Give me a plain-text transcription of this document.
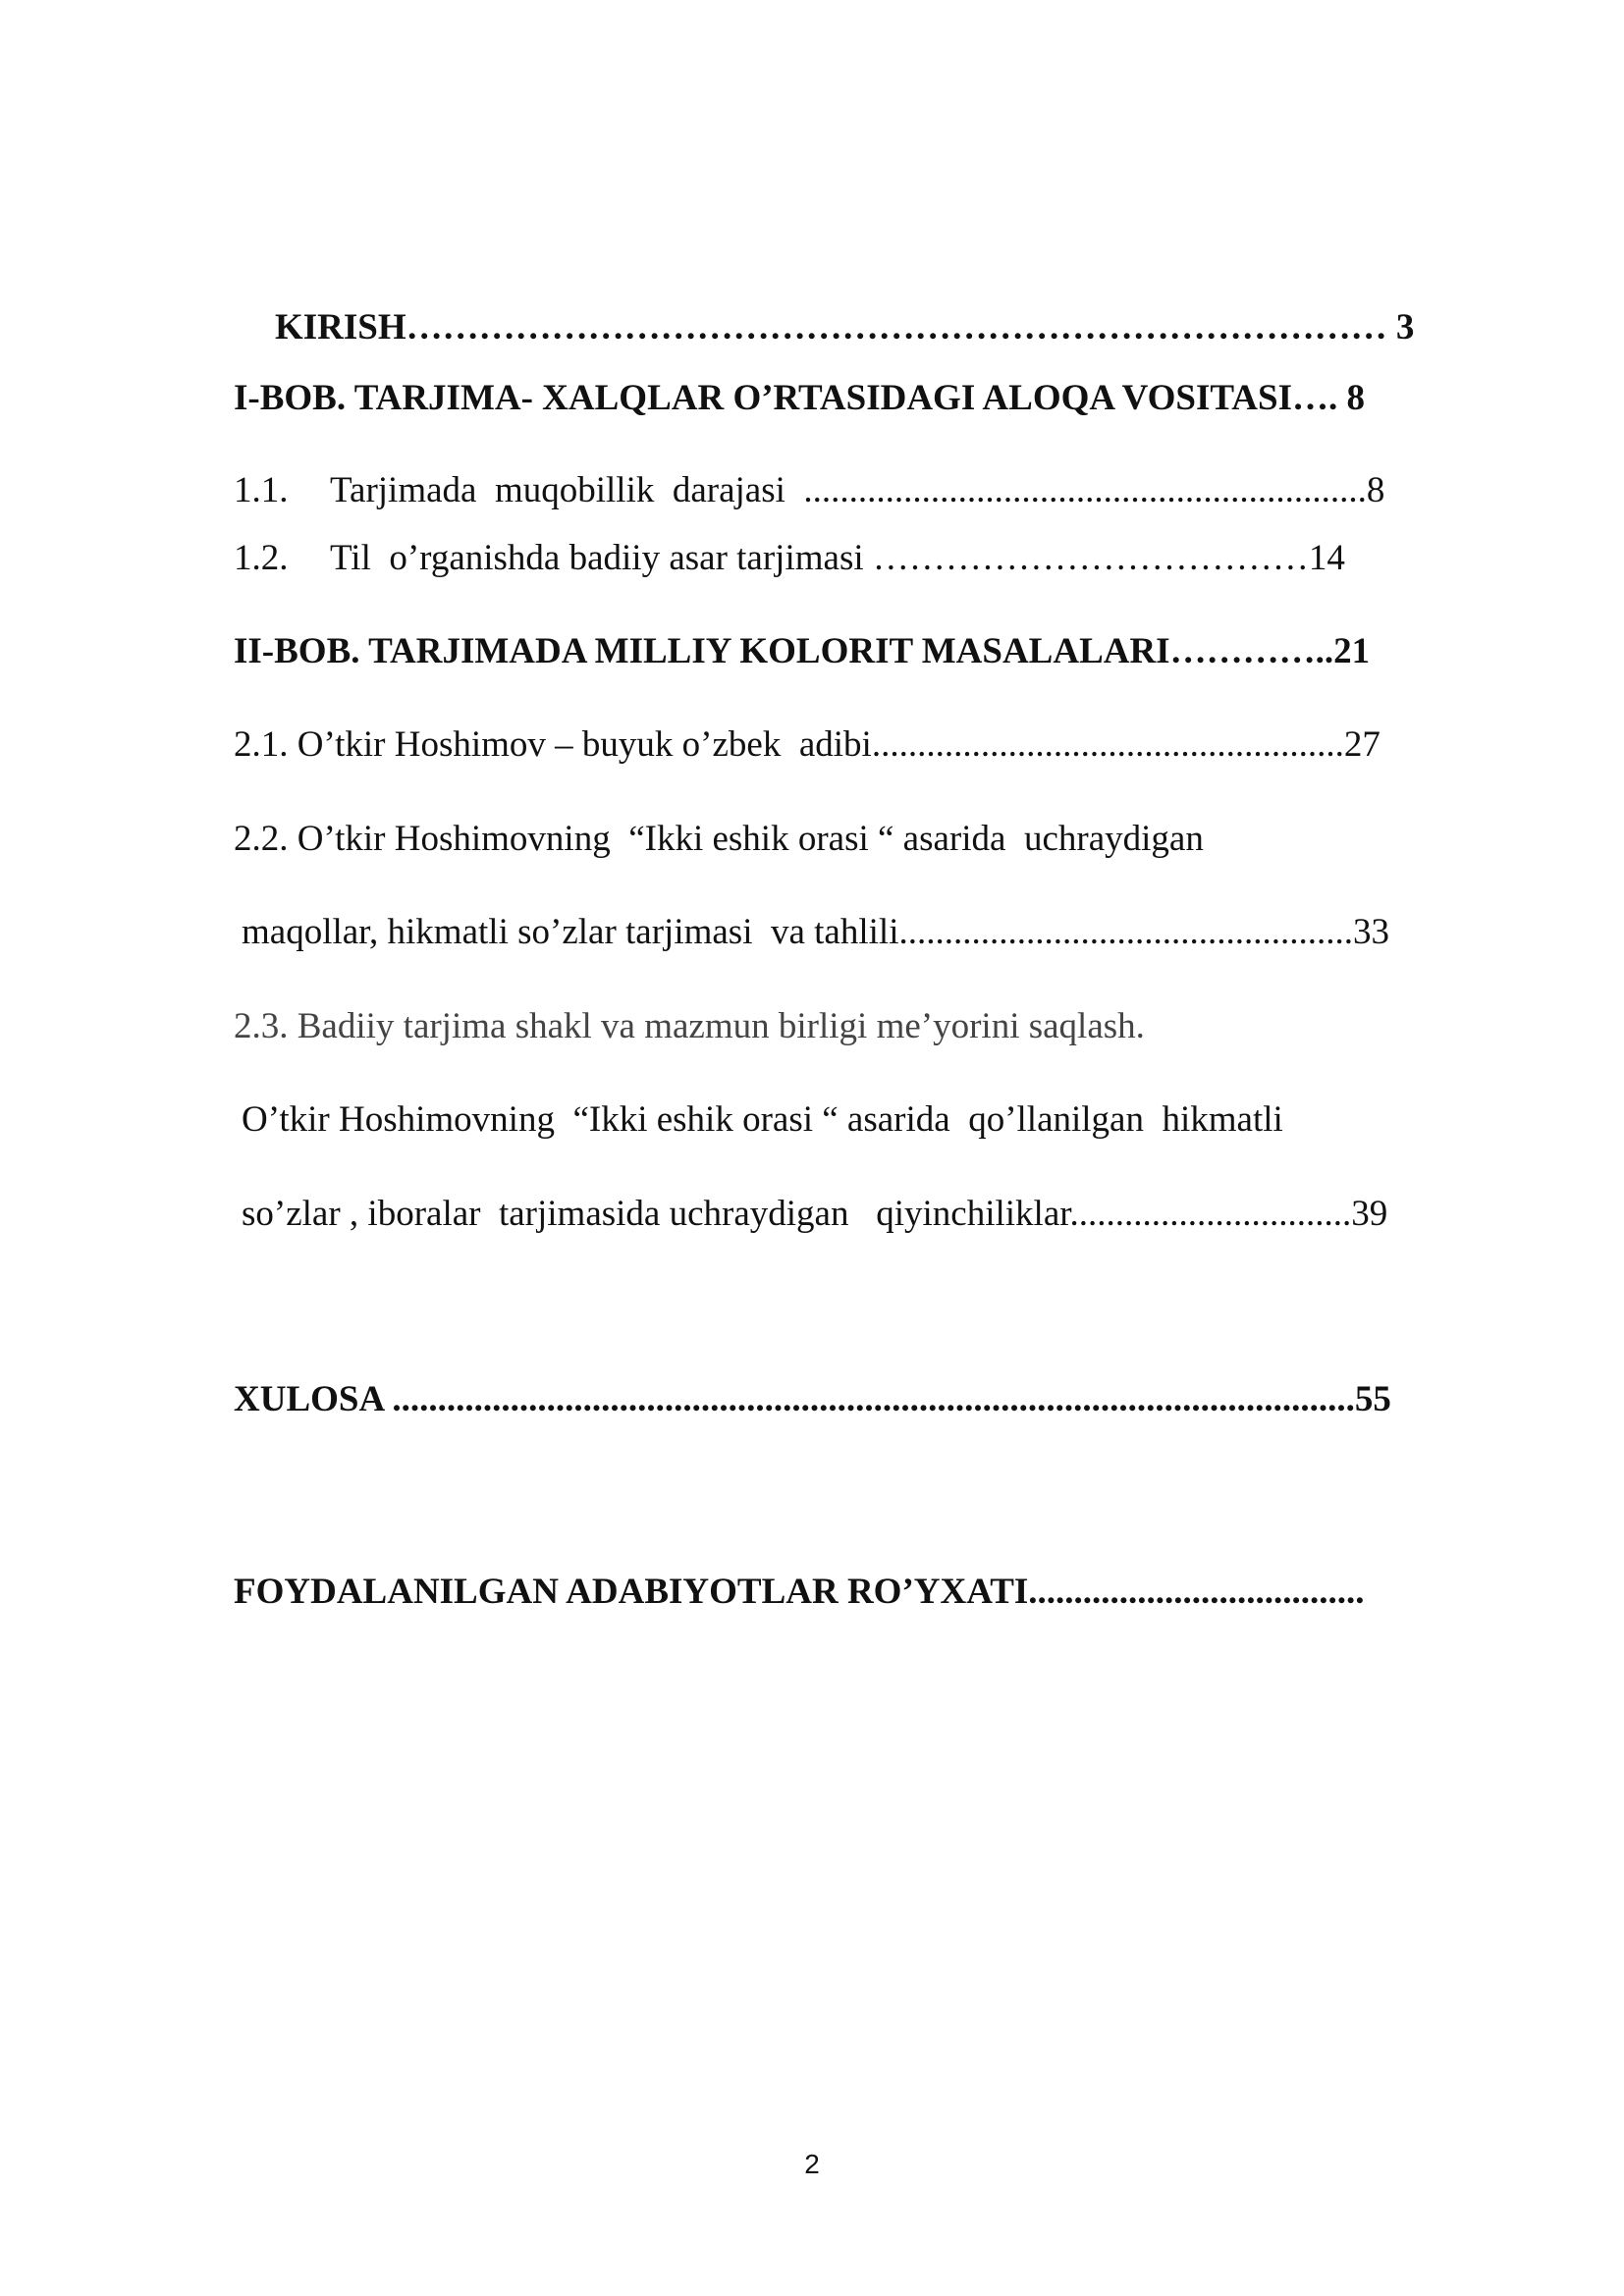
KIRISH……………………………………………………………………… 3
I-BOB. TARJIMA- XALQLAR O’RTASIDAGI ALOQA VOSITASI…. 8
1.1. Tarjimada  muqobillik  darajasi  ..............................................................8
1.2. Til  o’rganishda badiiy asar tarjimasi ………………………………14
II-BOB. TARJIMADA MILLIY KOLORIT MASALALARI…………..21
2.1. O’tkir Hoshimov – buyuk o’zbek  adibi....................................................27
2.2. O’tkir Hoshimovning  “Ikki eshik orasi “ asarida  uchraydigan
maqollar, hikmatli so’zlar tarjimasi  va tahlili..................................................33
2.3. Badiiy tarjima shakl va mazmun birligi me’yorini saqlash.
O’tkir Hoshimovning  “Ikki eshik orasi “ asarida  qo’llanilgan  hikmatli
so’zlar , iboralar  tarjimasida uchraydigan   qiyinchiliklar...............................39
XULOSA ..........................................................................................................55
FOYDALANILGAN ADABIYOTLAR RO’YXATI.....................................
2
